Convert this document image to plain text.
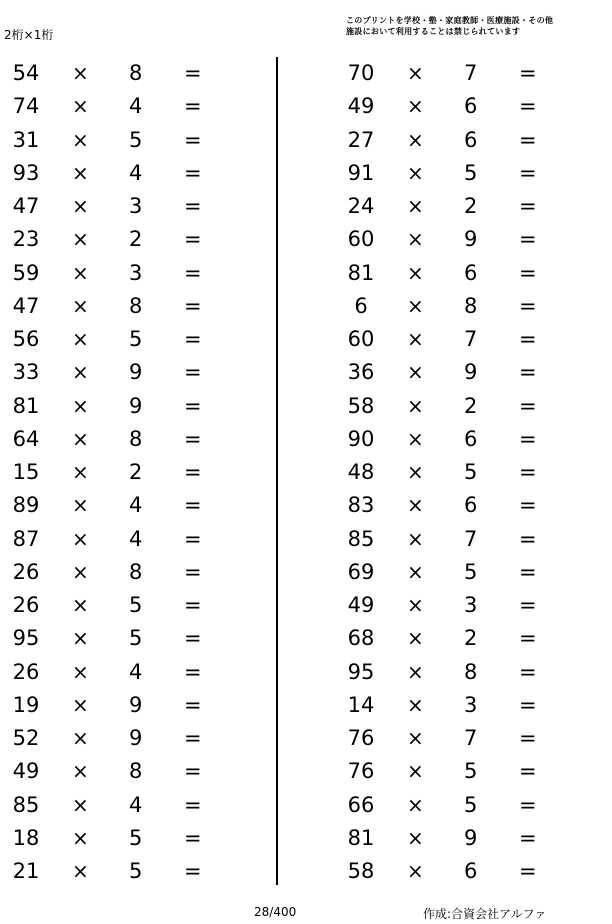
2桁×1桁
このプリントを学校・塾・家庭教師・医療施設・その他
施設において利用することは禁じられています
54	× 8 =
74	× 4 =
31	× 5 =
93	× 4 =
47	× 3 =
23	× 2 =
59	× 3 =
47	× 8 =
56	× 5 =
33	× 9 =
81	× 9 =
64	× 8 =
15	× 2 =
89	× 4 =
87	× 4 =
26	× 8 =
26	× 5 =
95	× 5 =
26	× 4 =
19	× 9 =
52	× 9 =
49	× 8 =
85	× 4 =
18	× 5 =
21	× 5 =
70	× 7 =
49	× 6 =
27	× 6 =
91	× 5 =
24	× 2 =
60	× 9 =
81	× 6 =
6	× 8 =
60	× 7 =
36	× 9 =
58	× 2 =
90	× 6 =
48	× 5 =
83	× 6 =
85	× 7 =
69	× 5 =
49	× 3 =
68	× 2 =
95	× 8 =
14	× 3 =
76	× 7 =
76	× 5 =
66	× 5 =
81	× 9 =
58	× 6 =
28/400	作成:合資会社アルファ
